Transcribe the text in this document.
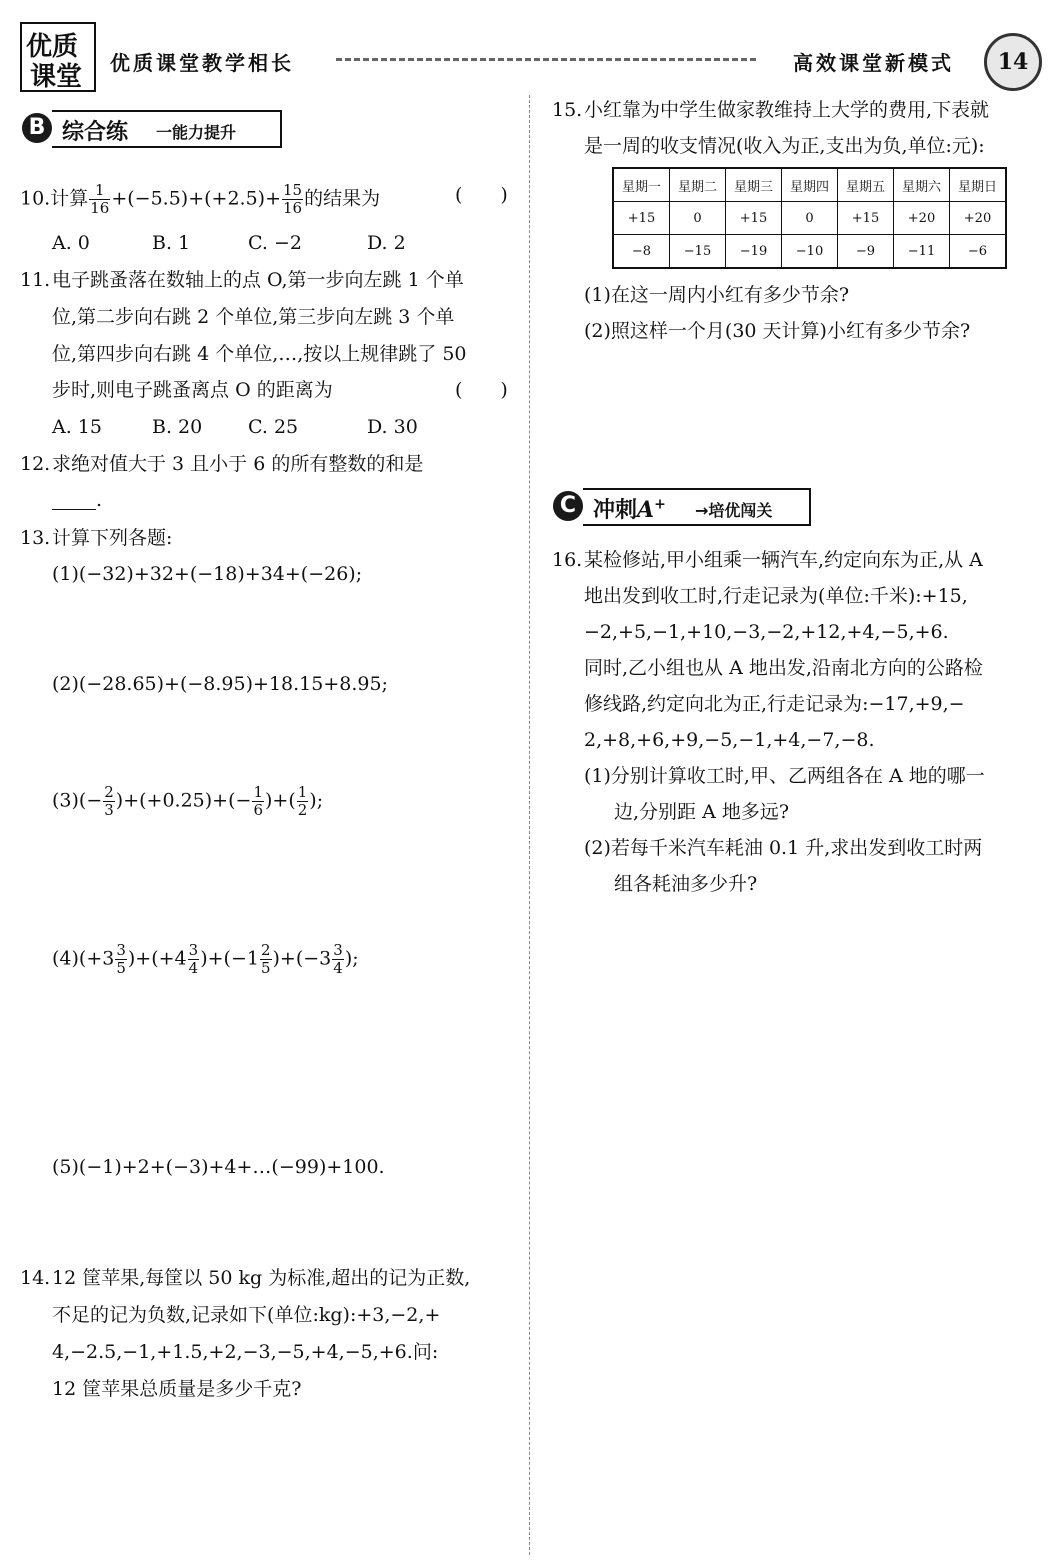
优质
课堂 优质课堂教学相长	高效课堂新模式	14
B 综合练 一能力提升
10.计算 $\frac{1}{16} +(-5.5)+(+2.5)+ \frac{15}{16}$ 的结果为	(　　)
A. 0	B. 1	C. −2	D. 2
11. 电子跳蚤落在数轴上的点 O,第一步向左跳 1 个单
位,第二步向右跳 2 个单位,第三步向左跳 3 个单
位,第四步向右跳 4 个单位,…,按以上规律跳了 50
步时,则电子跳蚤离点 O 的距离为	(　　)
A. 15	B. 20 C. 25	D. 30
12. 求绝对值大于 3 且小于 6 的所有整数的和是
.
13. 计算下列各题:
(1)(−32)+32+(−18)+34+(−26);
(2)(−28.65)+(−8.95)+18.15+8.95;
$(3)(- \frac{2}{3} )+(+0.25)+(- \frac{1}{6}$ )+( $\frac{1}{2}$ );
$(4)(+3 \frac{3}{5} )+(+4 \frac{3}{4} )+(-1 \frac{2}{5} )+(-3 \frac{3}{4}$ );
(5)(−1)+2+(−3)+4+…(−99)+100.
14. 12 筐苹果,每筐以 50 kg 为标准,超出的记为正数,
不足的记为负数,记录如下(单位:kg):+3,−2,+
4,−2.5,−1,+1.5,+2,−3,−5,+4,−5,+6.问:
12 筐苹果总质量是多少千克?
15. 小红靠为中学生做家教维持上大学的费用,下表就
是一周的收支情况(收入为正,支出为负,单位:元):
星期一	星期二	星期三	星期四	星期五	星期六	星期日
+15	0	+15	0	+15	+20	+20
−8	−15	−19	−10	−9	−11	−6
(1)在这一周内小红有多少节余?
(2)照这样一个月(30 天计算)小红有多少节余?
C 冲刺A+ →培优闯关
16. 某检修站,甲小组乘一辆汽车,约定向东为正,从 A
地出发到收工时,行走记录为(单位:千米):+15,
−2,+5,−1,+10,−3,−2,+12,+4,−5,+6.
同时,乙小组也从 A 地出发,沿南北方向的公路检
修线路,约定向北为正,行走记录为:−17,+9,−
2,+8,+6,+9,−5,−1,+4,−7,−8.
(1)分别计算收工时,甲、乙两组各在 A 地的哪一
边,分别距 A 地多远?
(2)若每千米汽车耗油 0.1 升,求出发到收工时两
组各耗油多少升?
